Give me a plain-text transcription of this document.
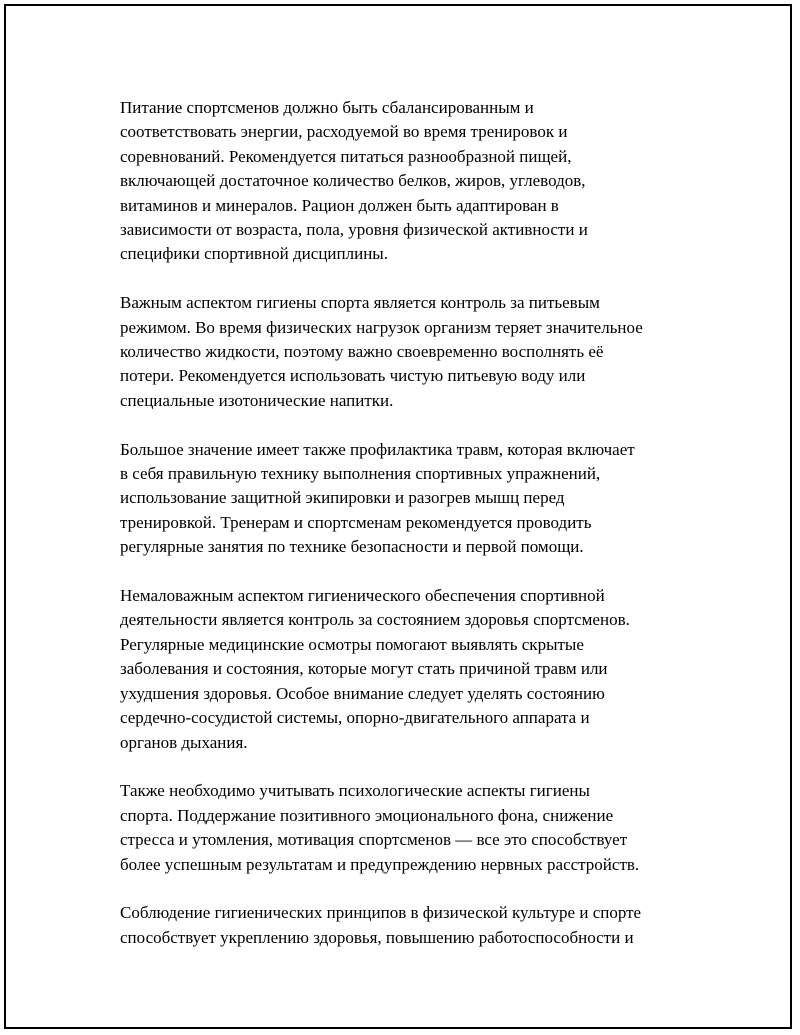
Питание спортсменов должно быть сбалансированным и
соответствовать энергии, расходуемой во время тренировок и
соревнований. Рекомендуется питаться разнообразной пищей,
включающей достаточное количество белков, жиров, углеводов,
витаминов и минералов. Рацион должен быть адаптирован в
зависимости от возраста, пола, уровня физической активности и
специфики спортивной дисциплины.

Важным аспектом гигиены спорта является контроль за питьевым
режимом. Во время физических нагрузок организм теряет значительное
количество жидкости, поэтому важно своевременно восполнять её
потери. Рекомендуется использовать чистую питьевую воду или
специальные изотонические напитки.

Большое значение имеет также профилактика травм, которая включает
в себя правильную технику выполнения спортивных упражнений,
использование защитной экипировки и разогрев мышц перед
тренировкой. Тренерам и спортсменам рекомендуется проводить
регулярные занятия по технике безопасности и первой помощи.

Немаловажным аспектом гигиенического обеспечения спортивной
деятельности является контроль за состоянием здоровья спортсменов.
Регулярные медицинские осмотры помогают выявлять скрытые
заболевания и состояния, которые могут стать причиной травм или
ухудшения здоровья. Особое внимание следует уделять состоянию
сердечно-сосудистой системы, опорно-двигательного аппарата и
органов дыхания.

Также необходимо учитывать психологические аспекты гигиены
спорта. Поддержание позитивного эмоционального фона, снижение
стресса и утомления, мотивация спортсменов — все это способствует
более успешным результатам и предупреждению нервных расстройств.

Соблюдение гигиенических принципов в физической культуре и спорте
способствует укреплению здоровья, повышению работоспособности и
